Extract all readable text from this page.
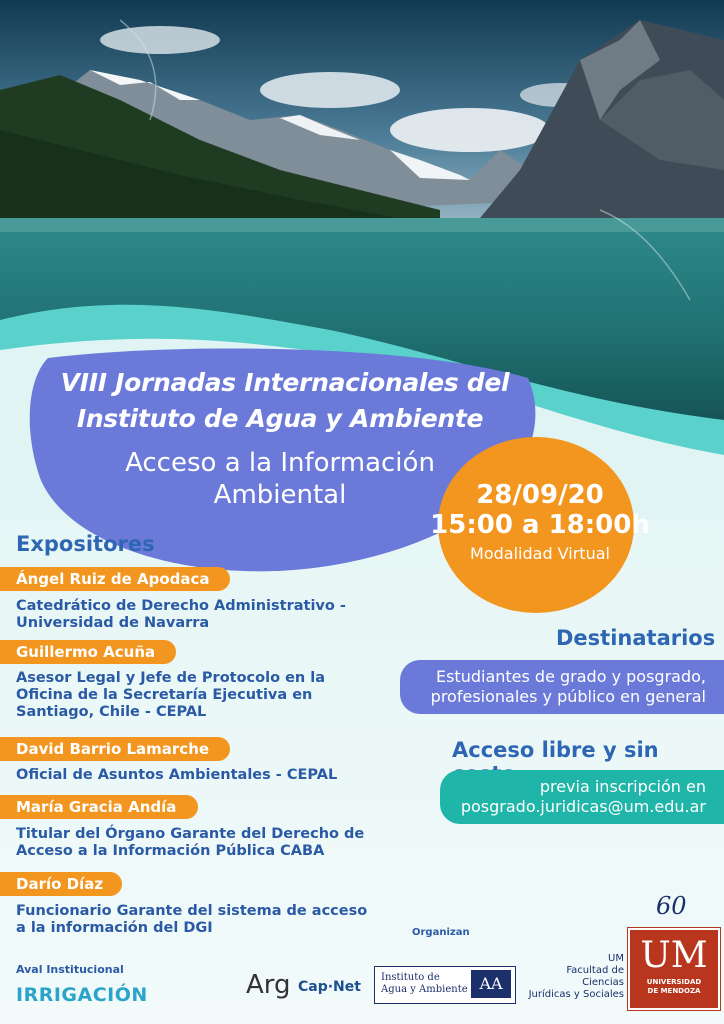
VIII Jornadas Internacionales del
Instituto de Agua y Ambiente
Acceso a la Información
Ambiental	28/09/20
15:00 a 18:00h
Modalidad Virtual
Expositores
Ángel Ruiz de Apodaca
Catedrático de Derecho Administrativo -
Universidad de Navarra
Guillermo Acuña
Asesor Legal y Jefe de Protocolo en la
Oficina de la Secretaría Ejecutiva en
Santiago, Chile - CEPAL
David Barrio Lamarche
Oficial de Asuntos Ambientales - CEPAL
María Gracia Andía
Titular del Órgano Garante del Derecho de
Acceso a la Información Pública CABA
Darío Díaz
Funcionario Garante del sistema de acceso
a la información del DGI
Destinatarios
Estudiantes de grado y posgrado,
profesionales y público en general
Acceso libre y sin
previa inscripción en
posgrado.juridicas@um.edu.ar
Aval Institucional
IRRIGACIÓN
Organizan
Arg Cap·Net
Instituto de
Agua y Ambiente AA
UM
Facultad de Ciencias
Jurídicas y Sociales
60
UM
UNIVERSIDAD
DE MENDOZA
